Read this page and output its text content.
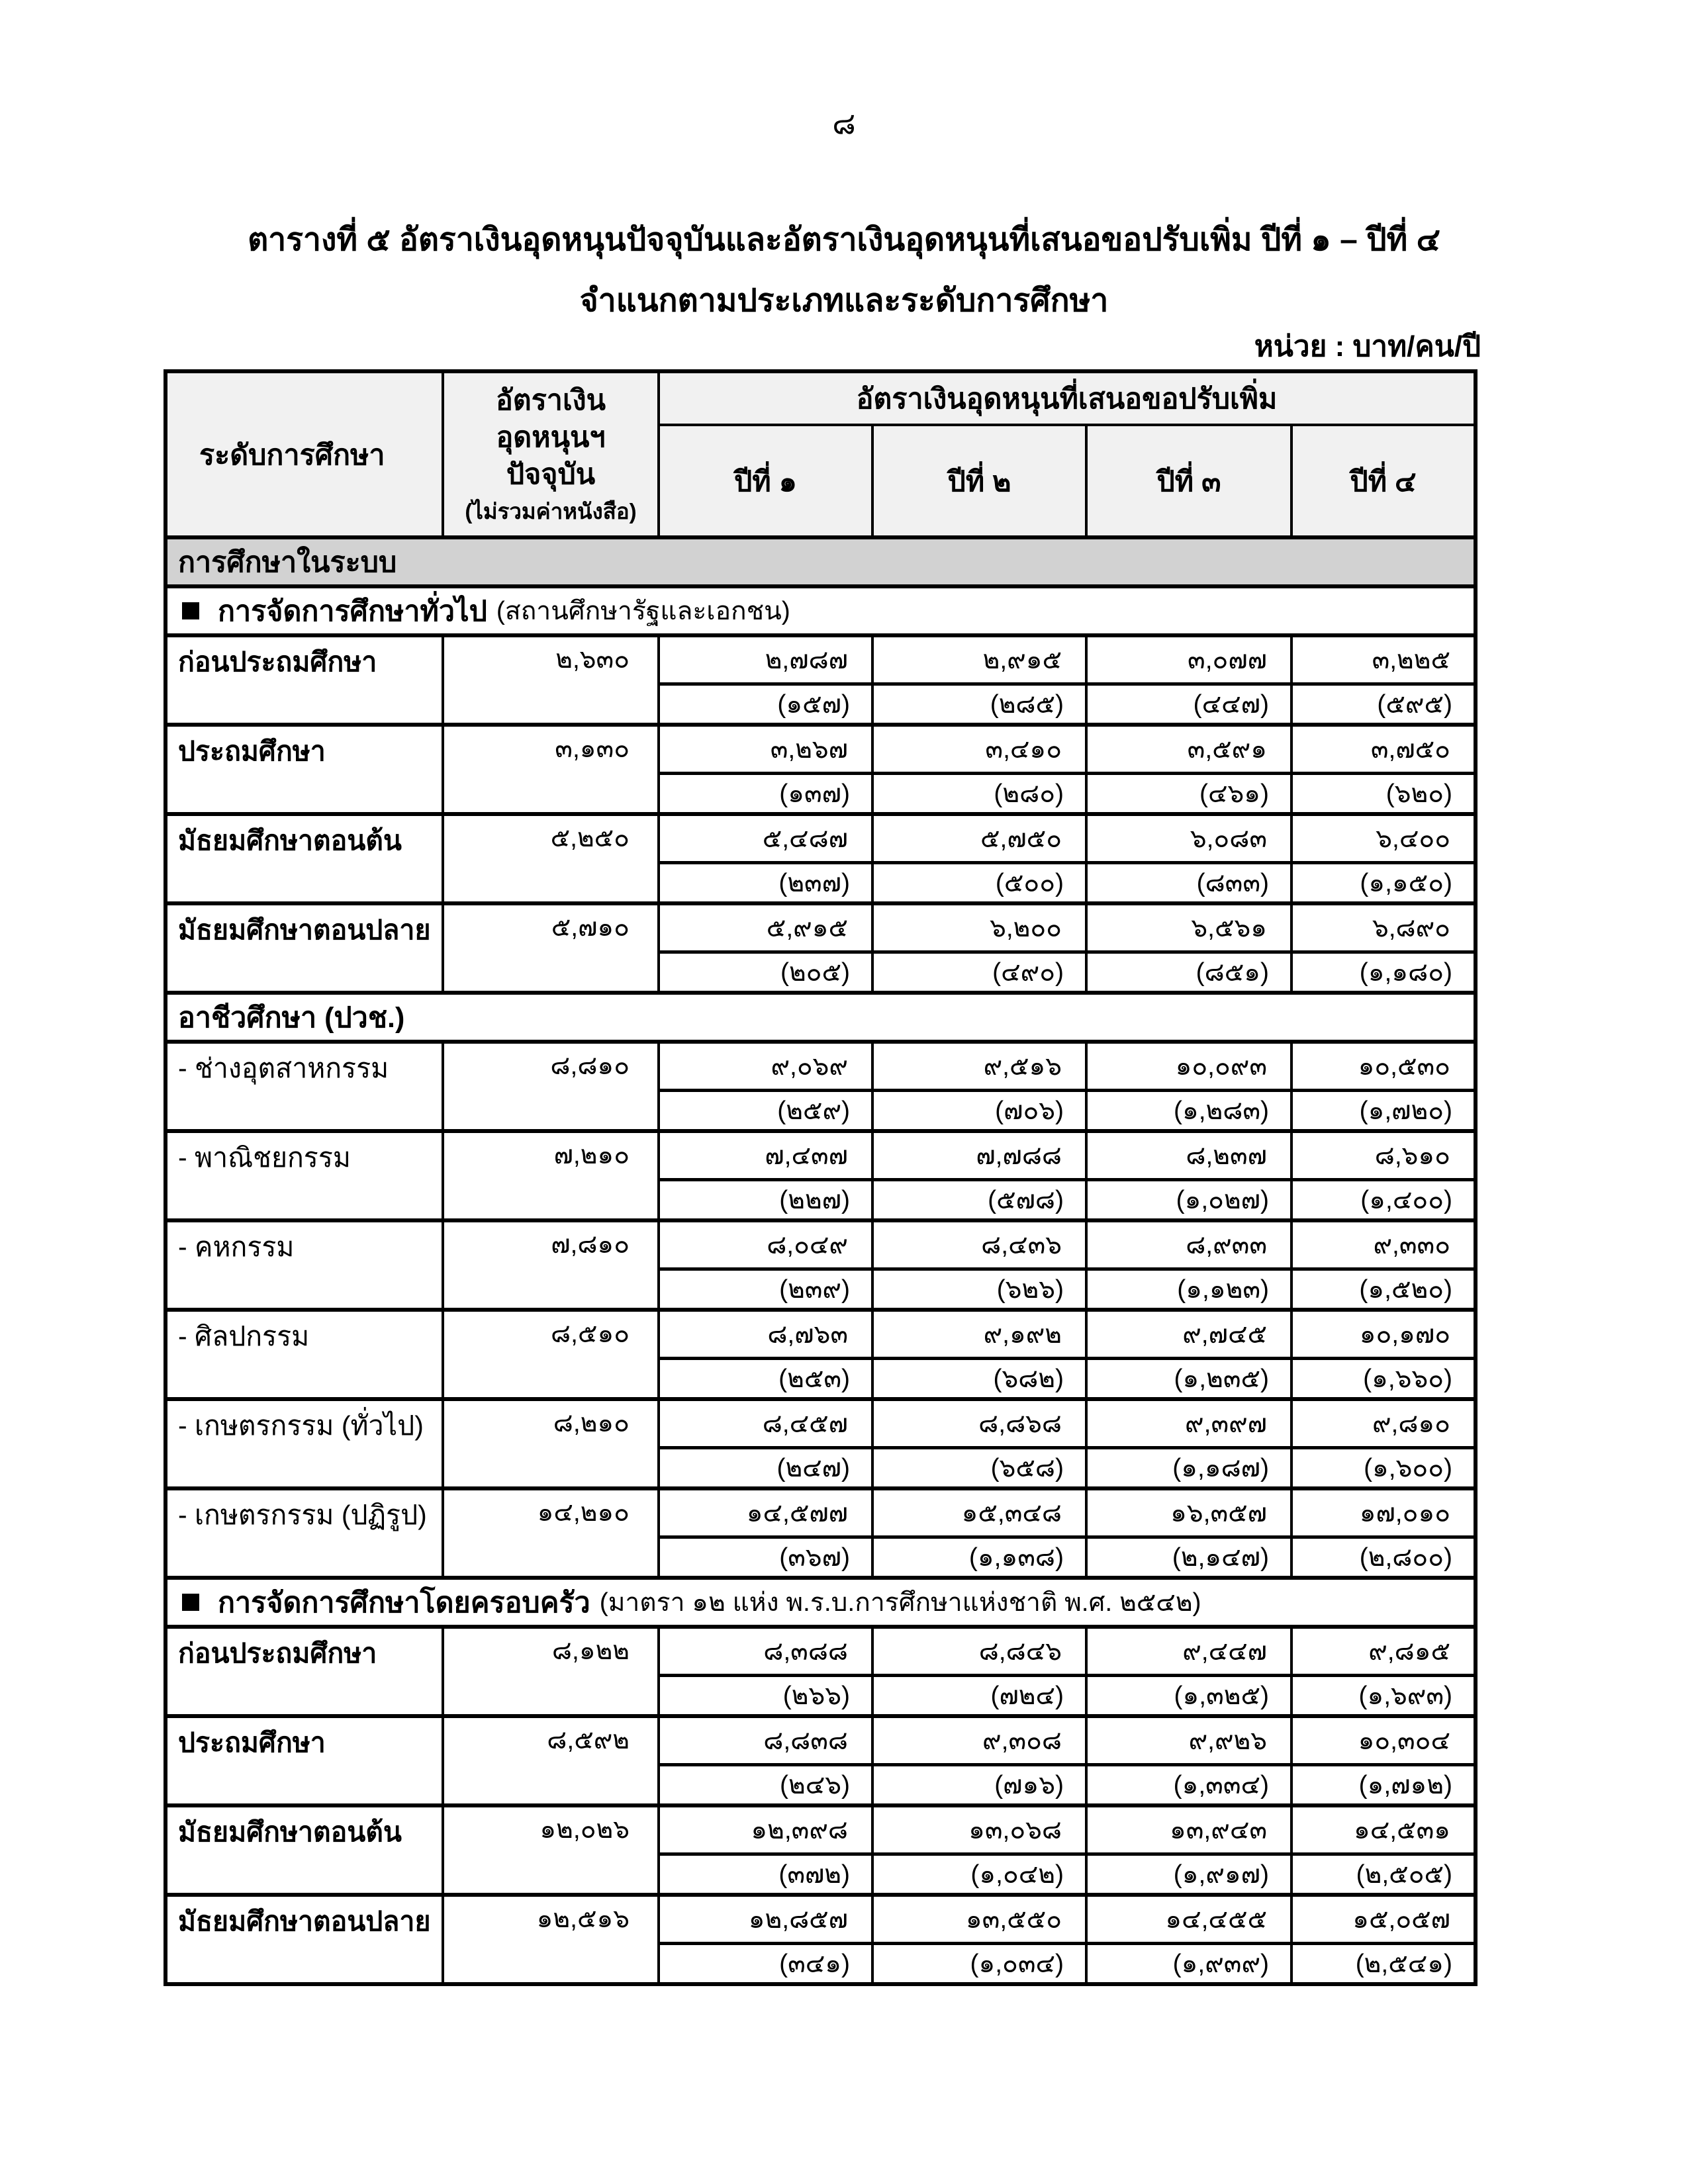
๘
ตารางที่ ๕ อัตราเงินอุดหนุนปัจจุบันและอัตราเงินอุดหนุนที่เสนอขอปรับเพิ่ม ปีที่ ๑ – ปีที่ ๔
จำแนกตามประเภทและระดับการศึกษา
หน่วย : บาท/คน/ปี
ระดับการศึกษา
อัตราเงิน
อุดหนุนฯ
ปัจจุบัน
(ไม่รวมค่าหนังสือ)
อัตราเงินอุดหนุนที่เสนอขอปรับเพิ่ม
ปีที่ ๑	ปีที่ ๒	ปีที่ ๓	ปีที่ ๔
การศึกษาในระบบ
การจัดการศึกษาทั่วไป (สถานศึกษารัฐและเอกชน)
ก่อนประถมศึกษา	๒,๖๓๐	๒,๗๘๗	๒,๙๑๕	๓,๐๗๗	๓,๒๒๕
(๑๕๗)	(๒๘๕)	(๔๔๗)	(๕๙๕)
ประถมศึกษา	๓,๑๓๐	๓,๒๖๗	๓,๔๑๐	๓,๕๙๑	๓,๗๕๐
(๑๓๗)	(๒๘๐)	(๔๖๑)	(๖๒๐)
มัธยมศึกษาตอนต้น	๕,๒๕๐	๕,๔๘๗	๕,๗๕๐	๖,๐๘๓	๖,๔๐๐
(๒๓๗)	(๕๐๐)	(๘๓๓)	(๑,๑๕๐)
มัธยมศึกษาตอนปลาย	๕,๗๑๐	๕,๙๑๕	๖,๒๐๐	๖,๕๖๑	๖,๘๙๐
(๒๐๕)	(๔๙๐)	(๘๕๑)	(๑,๑๘๐)
อาชีวศึกษา (ปวช.)
- ช่างอุตสาหกรรม	๘,๘๑๐	๙,๐๖๙	๙,๕๑๖	๑๐,๐๙๓	๑๐,๕๓๐
(๒๕๙)	(๗๐๖)	(๑,๒๘๓)	(๑,๗๒๐)
- พาณิชยกรรม	๗,๒๑๐	๗,๔๓๗	๗,๗๘๘	๘,๒๓๗	๘,๖๑๐
(๒๒๗)	(๕๗๘)	(๑,๐๒๗)	(๑,๔๐๐)
- คหกรรม	๗,๘๑๐	๘,๐๔๙	๘,๔๓๖	๘,๙๓๓	๙,๓๓๐
(๒๓๙)	(๖๒๖)	(๑,๑๒๓)	(๑,๕๒๐)
- ศิลปกรรม	๘,๕๑๐	๘,๗๖๓	๙,๑๙๒	๙,๗๔๕	๑๐,๑๗๐
(๒๕๓)	(๖๘๒)	(๑,๒๓๕)	(๑,๖๖๐)
- เกษตรกรรม (ทั่วไป)	๘,๒๑๐	๘,๔๕๗	๘,๘๖๘	๙,๓๙๗	๙,๘๑๐
(๒๔๗)	(๖๕๘)	(๑,๑๘๗)	(๑,๖๐๐)
- เกษตรกรรม (ปฏิรูป)	๑๔,๒๑๐	๑๔,๕๗๗	๑๕,๓๔๘	๑๖,๓๕๗	๑๗,๐๑๐
(๓๖๗)	(๑,๑๓๘)	(๒,๑๔๗)	(๒,๘๐๐)
การจัดการศึกษาโดยครอบครัว (มาตรา ๑๒ แห่ง พ.ร.บ.การศึกษาแห่งชาติ พ.ศ. ๒๕๔๒)
ก่อนประถมศึกษา	๘,๑๒๒	๘,๓๘๘	๘,๘๔๖	๙,๔๔๗	๙,๘๑๕
(๒๖๖)	(๗๒๔)	(๑,๓๒๕)	(๑,๖๙๓)
ประถมศึกษา	๘,๕๙๒	๘,๘๓๘	๙,๓๐๘	๙,๙๒๖	๑๐,๓๐๔
(๒๔๖)	(๗๑๖)	(๑,๓๓๔)	(๑,๗๑๒)
มัธยมศึกษาตอนต้น	๑๒,๐๒๖	๑๒,๓๙๘	๑๓,๐๖๘	๑๓,๙๔๓	๑๔,๕๓๑
(๓๗๒)	(๑,๐๔๒)	(๑,๙๑๗)	(๒,๕๐๕)
มัธยมศึกษาตอนปลาย	๑๒,๕๑๖	๑๒,๘๕๗	๑๓,๕๕๐	๑๔,๔๕๕	๑๕,๐๕๗
(๓๔๑)	(๑,๐๓๔)	(๑,๙๓๙)	(๒,๕๔๑)
